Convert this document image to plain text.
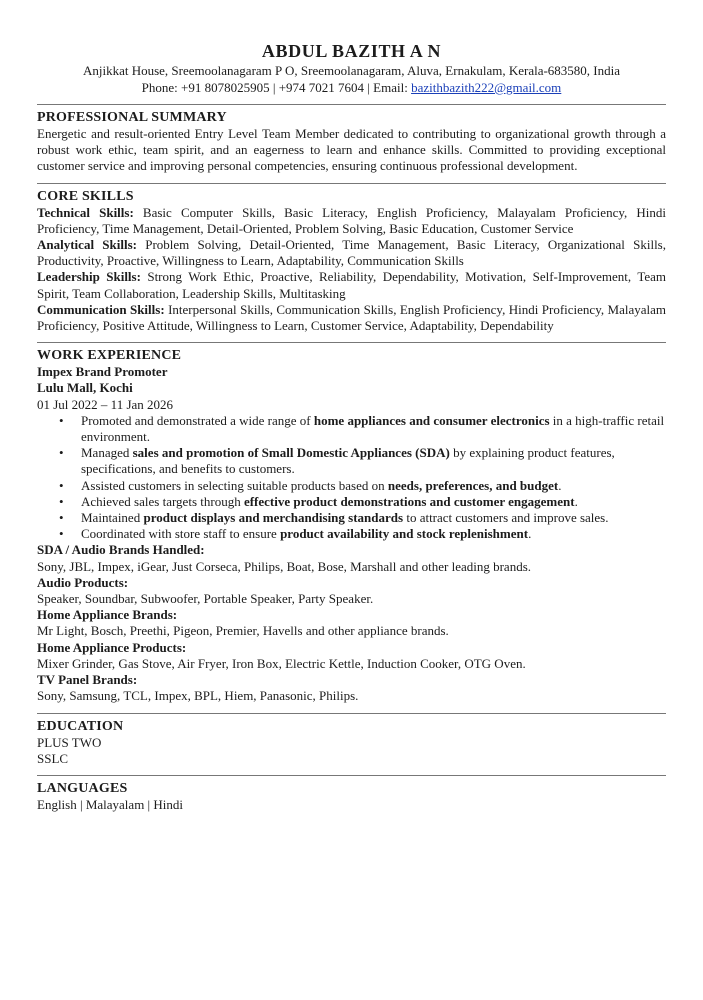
ABDUL BAZITH A N
Anjikkat House, Sreemoolanagaram P O, Sreemoolanagaram, Aluva, Ernakulam, Kerala-683580, India
Phone: +91 8078025905 | +974 7021 7604 | Email: bazithbazith222@gmail.com
PROFESSIONAL SUMMARY
Energetic and result-oriented Entry Level Team Member dedicated to contributing to organizational growth through a robust work ethic, team spirit, and an eagerness to learn and enhance skills. Committed to providing exceptional customer service and improving personal competencies, ensuring continuous professional development.
CORE SKILLS
Technical Skills: Basic Computer Skills, Basic Literacy, English Proficiency, Malayalam Proficiency, Hindi Proficiency, Time Management, Detail-Oriented, Problem Solving, Basic Education, Customer Service
Analytical Skills: Problem Solving, Detail-Oriented, Time Management, Basic Literacy, Organizational Skills, Productivity, Proactive, Willingness to Learn, Adaptability, Communication Skills
Leadership Skills: Strong Work Ethic, Proactive, Reliability, Dependability, Motivation, Self-Improvement, Team Spirit, Team Collaboration, Leadership Skills, Multitasking
Communication Skills: Interpersonal Skills, Communication Skills, English Proficiency, Hindi Proficiency, Malayalam Proficiency, Positive Attitude, Willingness to Learn, Customer Service, Adaptability, Dependability
WORK EXPERIENCE
Impex Brand Promoter
Lulu Mall, Kochi
01 Jul 2022 – 11 Jan 2026
• Promoted and demonstrated a wide range of home appliances and consumer electronics in a high-traffic retail environment.
• Managed sales and promotion of Small Domestic Appliances (SDA) by explaining product features, specifications, and benefits to customers.
• Assisted customers in selecting suitable products based on needs, preferences, and budget.
• Achieved sales targets through effective product demonstrations and customer engagement.
• Maintained product displays and merchandising standards to attract customers and improve sales.
• Coordinated with store staff to ensure product availability and stock replenishment.
SDA / Audio Brands Handled:
Sony, JBL, Impex, iGear, Just Corseca, Philips, Boat, Bose, Marshall and other leading brands.
Audio Products:
Speaker, Soundbar, Subwoofer, Portable Speaker, Party Speaker.
Home Appliance Brands:
Mr Light, Bosch, Preethi, Pigeon, Premier, Havells and other appliance brands.
Home Appliance Products:
Mixer Grinder, Gas Stove, Air Fryer, Iron Box, Electric Kettle, Induction Cooker, OTG Oven.
TV Panel Brands:
Sony, Samsung, TCL, Impex, BPL, Hiem, Panasonic, Philips.
EDUCATION
PLUS TWO
SSLC
LANGUAGES
English | Malayalam | Hindi
